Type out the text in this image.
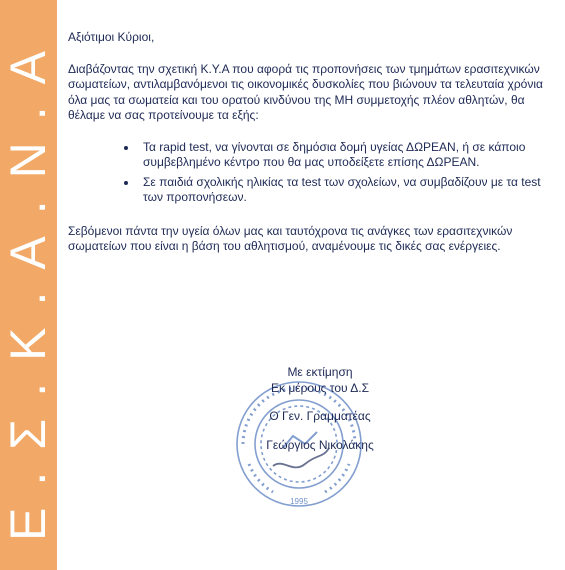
Ε.Σ.Κ.Α.Ν.Α Αξιότιμοι Κύριοι,

Διαβάζοντας την σχετική Κ.Υ.Α που αφορά τις προπονήσεις των τμημάτων ερασιτεχνικών σωματείων, αντιλαμβανόμενοι τις οικονομικές δυσκολίες που βιώνουν τα τελευταία χρόνια όλα μας τα σωματεία και του ορατού κινδύνου της ΜΗ συμμετοχής πλέον αθλητών, θα θέλαμε να σας προτείνουμε τα εξής:

Τα rapid test, να γίνονται σε δημόσια δομή υγείας ΔΩΡΕΑΝ, ή σε κάποιο συμβεβλημένο κέντρο που θα μας υποδείξετε επίσης ΔΩΡΕΑΝ.
Σε παιδιά σχολικής ηλικίας τα test των σχολείων, να συμβαδίζουν με τα test των προπονήσεων.

Σεβόμενοι πάντα την υγεία όλων μας και ταυτόχρονα τις ανάγκες των ερασιτεχνικών σωματείων που είναι η βάση του αθλητισμού, αναμένουμε τις δικές σας ενέργειες.

1995

Με εκτίμηση

Εκ μέρους του Δ.Σ

Ο Γεν. Γραμματέας

Γεώργιος Νικολάκης
